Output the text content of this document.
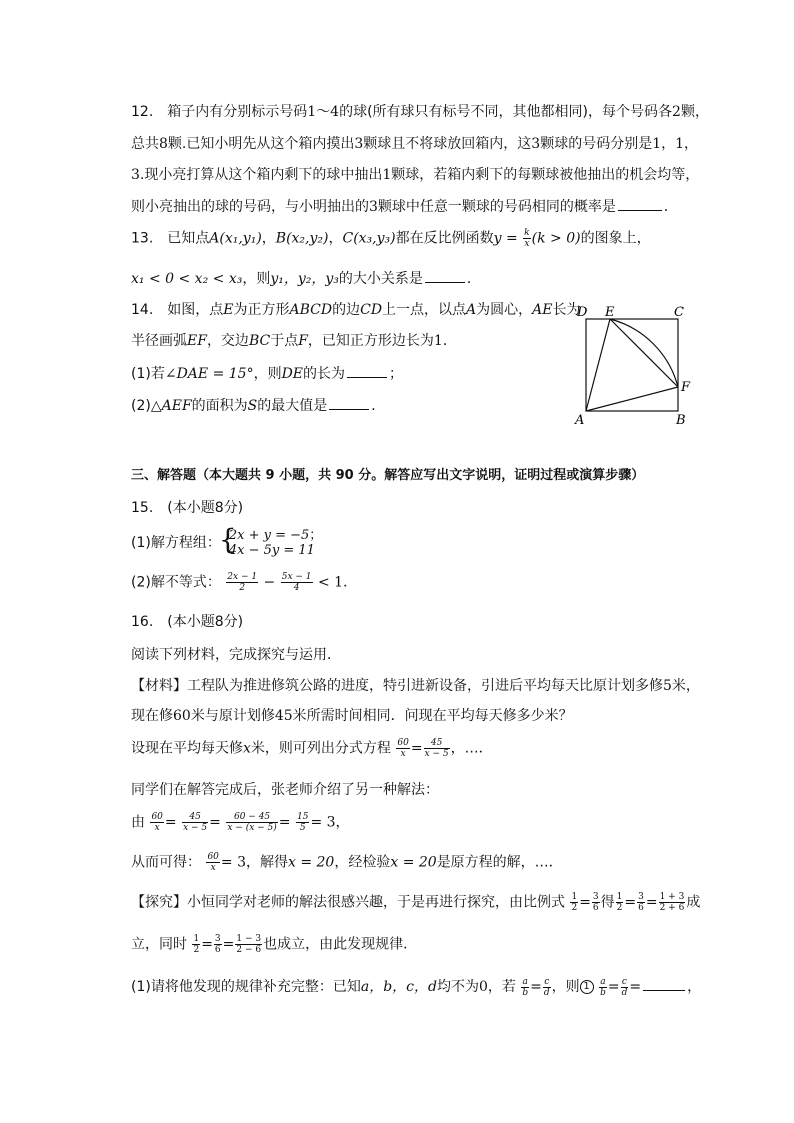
12.　箱子内有分别标示号码1～4的球(所有球只有标号不同，其他都相同)，每个号码各2颗，
总共8颗.已知小明先从这个箱内摸出3颗球且不将球放回箱内，这3颗球的号码分别是1，1，
3.现小亮打算从这个箱内剩下的球中抽出1颗球，若箱内剩下的每颗球被他抽出的机会均等，
则小亮抽出的球的号码，与小明抽出的3颗球中任意一颗球的号码相同的概率是	．
13.　已知点A(x₁,y₁)，B(x₂,y₂)，C(x₃,y₃)都在反比例函数$y = \frac{k}{x} (k > 0)$的图象上，
x₁ < 0 < x₂ < x₃，则y₁，y₂，y₃的大小关系是	．
14.　如图，点E为正方形ABCD的边CD上一点，以点A为圆心，AE长为
半径画弧EF，交边BC于点F，已知正方形边长为1．
(1)若∠DAE = 15°，则DE的长为	；
(2)△AEF的面积为S的最大值是	．
D E	C
F
A	B
三、解答题（本大题共 9 小题，共 90 分。解答应写出文字说明，证明过程或演算步骤）
15.　(本小题8分)
(1)解方程组：
{ 2x + y = −5；
4x − 5y = 11
(2)解不等式： $\frac{2x - 1}{2} - \frac{5x - 1}{4} < 1$．
16.　(本小题8分)
阅读下列材料，完成探究与运用．
【材料】工程队为推进修筑公路的进度，特引进新设备，引进后平均每天比原计划多修5米，
现在修60米与原计划修45米所需时间相同．问现在平均每天修多少米？
设现在平均每天修x米，则可列出分式方程 $\frac{60}{x} = \frac{45}{x - 5}$ ，…．
同学们在解答完成后，张老师介绍了另一种解法：
由 $\frac{60}{x} = \frac{45}{x - 5} = \frac{60 - 45}{x - (x - 5)} = \frac{15}{5} = 3$，
从而可得： $\frac{60}{x} = 3$，解得x = 20，经检验x = 20是原方程的解，…．
【探究】小恒同学对老师的解法很感兴趣，于是再进行探究，由比例式 $\frac{1}{2} = \frac{3}{6}$ 得 $\frac{1}{2} = \frac{3}{6} = \frac{1 + 3}{2 + 6}$ 成
立，同时 $\frac{1}{2} = \frac{3}{6} = \frac{1 - 3}{2 - 6}$ 也成立，由此发现规律．
(1)请将他发现的规律补充完整：已知a，b，c，d均不为0，若 $\frac{a}{b} = \frac{c}{d}$ ，则 $1 \frac{a}{b} = \frac{c}{d}$ =	，
